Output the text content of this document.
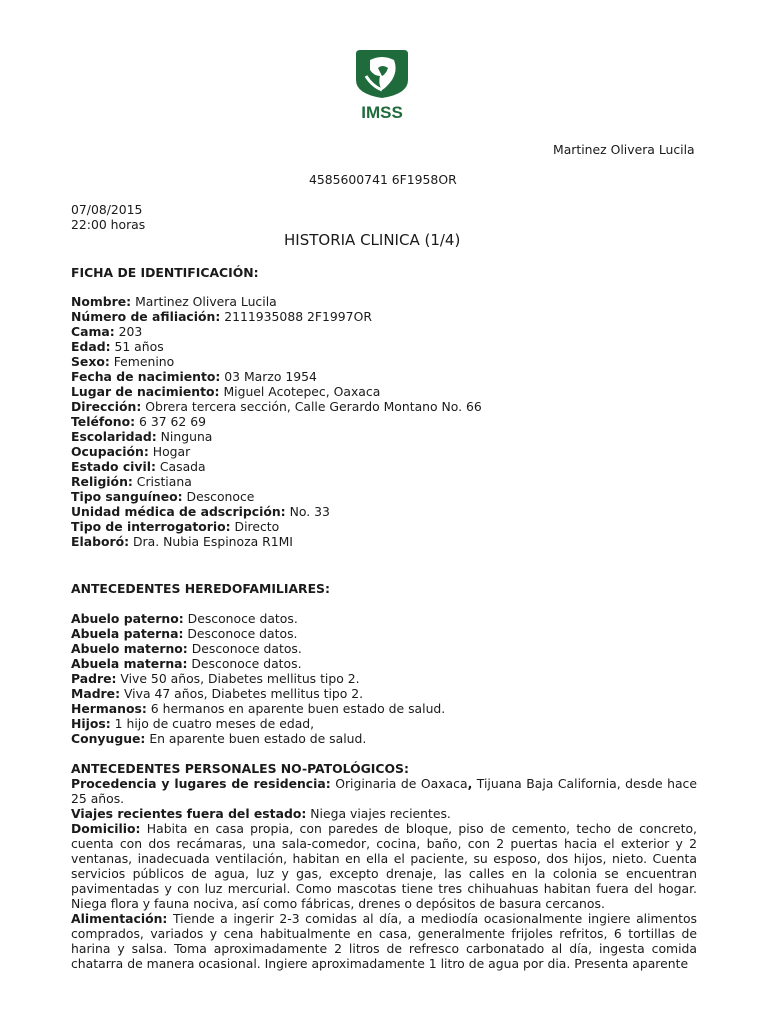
IMSS
Martinez Olivera Lucila
4585600741 6F1958OR
07/08/2015
22:00 horas
HISTORIA CLINICA (1/4)
FICHA DE IDENTIFICACIÓN:
Nombre: Martinez Olivera Lucila
Número de afiliación: 2111935088 2F1997OR
Cama: 203
Edad: 51 años
Sexo: Femenino
Fecha de nacimiento: 03 Marzo 1954
Lugar de nacimiento: Miguel Acotepec, Oaxaca
Dirección: Obrera tercera sección, Calle Gerardo Montano No. 66
Teléfono: 6 37 62 69
Escolaridad: Ninguna
Ocupación: Hogar
Estado civil: Casada
Religión: Cristiana
Tipo sanguíneo: Desconoce
Unidad médica de adscripción: No. 33
Tipo de interrogatorio: Directo
Elaboró: Dra. Nubia Espinoza R1MI
ANTECEDENTES HEREDOFAMILIARES:
Abuelo paterno: Desconoce datos.
Abuela paterna: Desconoce datos.
Abuelo materno: Desconoce datos.
Abuela materna: Desconoce datos.
Padre: Vive 50 años, Diabetes mellitus tipo 2.
Madre: Viva 47 años, Diabetes mellitus tipo 2.
Hermanos: 6 hermanos en aparente buen estado de salud.
Hijos: 1 hijo de cuatro meses de edad,
Conyugue: En aparente buen estado de salud.
ANTECEDENTES PERSONALES NO-PATOLÓGICOS:
Procedencia y lugares de residencia: Originaria de Oaxaca, Tijuana Baja California, desde hace 25 años.
Viajes recientes fuera del estado: Niega viajes recientes.
Domicilio: Habita en casa propia, con paredes de bloque, piso de cemento, techo de concreto, cuenta con dos recámaras, una sala-comedor, cocina, baño, con 2 puertas hacia el exterior y 2 ventanas, inadecuada ventilación, habitan en ella el paciente, su esposo, dos hijos, nieto. Cuenta servicios públicos de agua, luz y gas, excepto drenaje, las calles en la colonia se encuentran pavimentadas y con luz mercurial. Como mascotas tiene tres chihuahuas habitan fuera del hogar. Niega flora y fauna nociva, así como fábricas, drenes o depósitos de basura cercanos.
Alimentación: Tiende a ingerir 2-3 comidas al día, a mediodía ocasionalmente ingiere alimentos comprados, variados y cena habitualmente en casa, generalmente frijoles refritos, 6 tortillas de harina y salsa. Toma aproximadamente 2 litros de refresco carbonatado al día, ingesta comida chatarra de manera ocasional. Ingiere aproximadamente 1 litro de agua por dia. Presenta aparente
